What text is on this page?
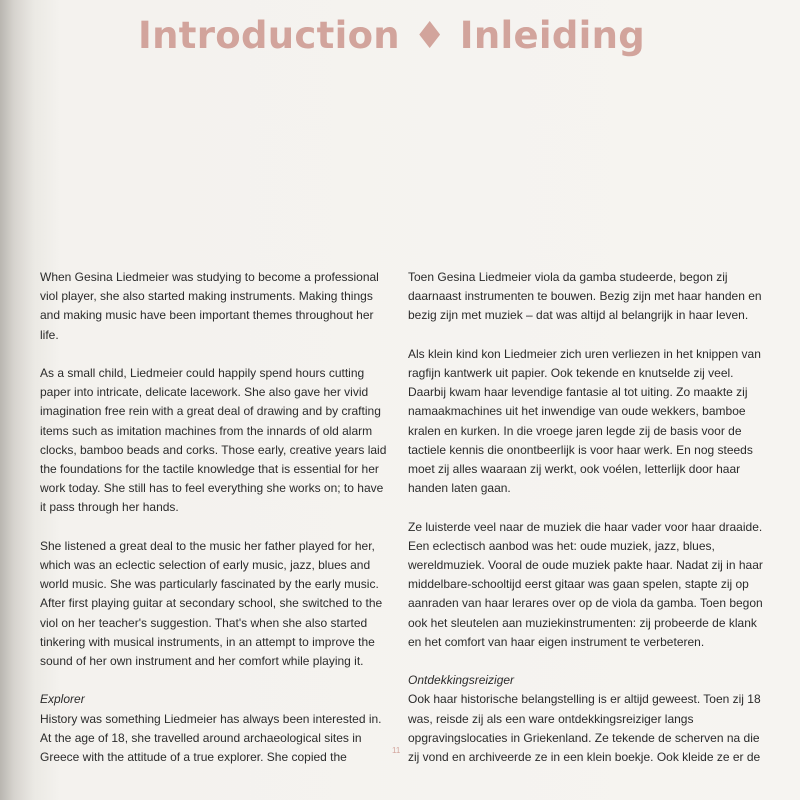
Introduction ♦ Inleiding

When Gesina Liedmeier was studying to become a professional viol player, she also started making instruments. Making things and making music have been important themes throughout her life.

As a small child, Liedmeier could happily spend hours cutting paper into intricate, delicate lacework. She also gave her vivid imagination free rein with a great deal of drawing and by crafting items such as imitation machines from the innards of old alarm clocks, bamboo beads and corks. Those early, creative years laid the foundations for the tactile knowledge that is essential for her work today. She still has to feel everything she works on; to have it pass through her hands.

She listened a great deal to the music her father played for her, which was an eclectic selection of early music, jazz, blues and world music. She was particularly fascinated by the early music. After first playing guitar at secondary school, she switched to the viol on her teacher's suggestion. That's when she also started tinkering with musical instruments, in an attempt to improve the sound of her own instrument and her comfort while playing it.

Explorer

History was something Liedmeier has always been interested in. At the age of 18, she travelled around archaeological sites in Greece with the attitude of a true explorer. She copied the

Toen Gesina Liedmeier viola da gamba studeerde, begon zij daarnaast instrumenten te bouwen. Bezig zijn met haar handen en bezig zijn met muziek – dat was altijd al belangrijk in haar leven.

Als klein kind kon Liedmeier zich uren verliezen in het knippen van ragfijn kantwerk uit papier. Ook tekende en knutselde zij veel. Daarbij kwam haar levendige fantasie al tot uiting. Zo maakte zij namaakmachines uit het inwendige van oude wekkers, bamboe kralen en kurken. In die vroege jaren legde zij de basis voor de tactiele kennis die onontbeerlijk is voor haar werk. En nog steeds moet zij alles waaraan zij werkt, ook voélen, letterlijk door haar handen laten gaan.

Ze luisterde veel naar de muziek die haar vader voor haar draaide. Een eclectisch aanbod was het: oude muziek, jazz, blues, wereldmuziek. Vooral de oude muziek pakte haar. Nadat zij in haar middelbare-schooltijd eerst gitaar was gaan spelen, stapte zij op aanraden van haar lerares over op de viola da gamba. Toen begon ook het sleutelen aan muziekinstrumenten: zij probeerde de klank en het comfort van haar eigen instrument te verbeteren.

Ontdekkingsreiziger

Ook haar historische belangstelling is er altijd geweest. Toen zij 18 was, reisde zij als een ware ontdekkingsreiziger langs opgravingslocaties in Griekenland. Ze tekende de scherven na die zij vond en archiveerde ze in een klein boekje. Ook kleide ze er de

11
